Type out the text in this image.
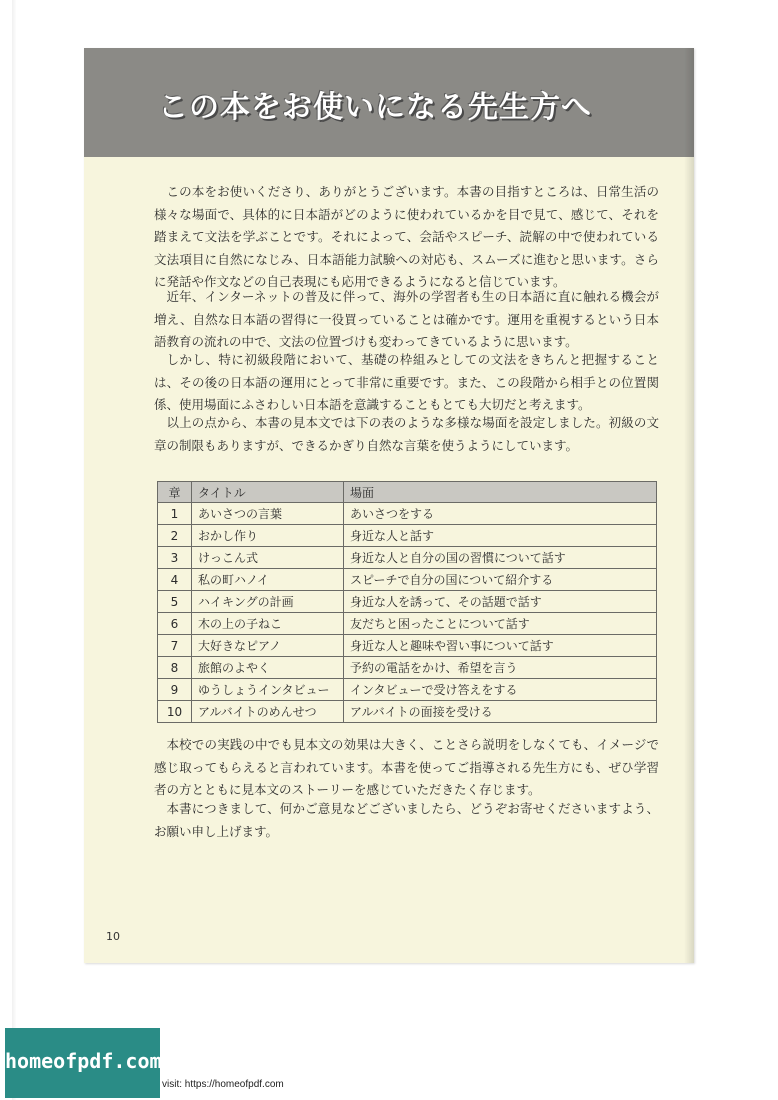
この本をお使いになる先生方へ

この本をお使いくださり、ありがとうございます。本書の目指すところは、日常生活の様々な場面で、具体的に日本語がどのように使われているかを目で見て、感じて、それを踏まえて文法を学ぶことです。それによって、会話やスピーチ、読解の中で使われている文法項目に自然になじみ、日本語能力試験への対応も、スムーズに進むと思います。さらに発話や作文などの自己表現にも応用できるようになると信じています。

近年、インターネットの普及に伴って、海外の学習者も生の日本語に直に触れる機会が増え、自然な日本語の習得に一役買っていることは確かです。運用を重視するという日本語教育の流れの中で、文法の位置づけも変わってきているように思います。

しかし、特に初級段階において、基礎の枠組みとしての文法をきちんと把握することは、その後の日本語の運用にとって非常に重要です。また、この段階から相手との位置関係、使用場面にふさわしい日本語を意識することもとても大切だと考えます。

以上の点から、本書の見本文では下の表のような多様な場面を設定しました。初級の文章の制限もありますが、できるかぎり自然な言葉を使うようにしています。

章	タイトル	場面
1	あいさつの言葉	あいさつをする
2	おかし作り	身近な人と話す
3	けっこん式	身近な人と自分の国の習慣について話す
4	私の町ハノイ	スピーチで自分の国について紹介する
5	ハイキングの計画	身近な人を誘って、その話題で話す
6	木の上の子ねこ	友だちと困ったことについて話す
7	大好きなピアノ	身近な人と趣味や習い事について話す
8	旅館のよやく	予約の電話をかけ、希望を言う
9	ゆうしょうインタビュー	インタビューで受け答えをする
10	アルバイトのめんせつ	アルバイトの面接を受ける

本校での実践の中でも見本文の効果は大きく、ことさら説明をしなくても、イメージで感じ取ってもらえると言われています。本書を使ってご指導される先生方にも、ぜひ学習者の方とともに見本文のストーリーを感じていただきたく存じます。

本書につきまして、何かご意見などございましたら、どうぞお寄せくださいますよう、お願い申し上げます。

10
homeofpdf.com
visit: https://homeofpdf.com
